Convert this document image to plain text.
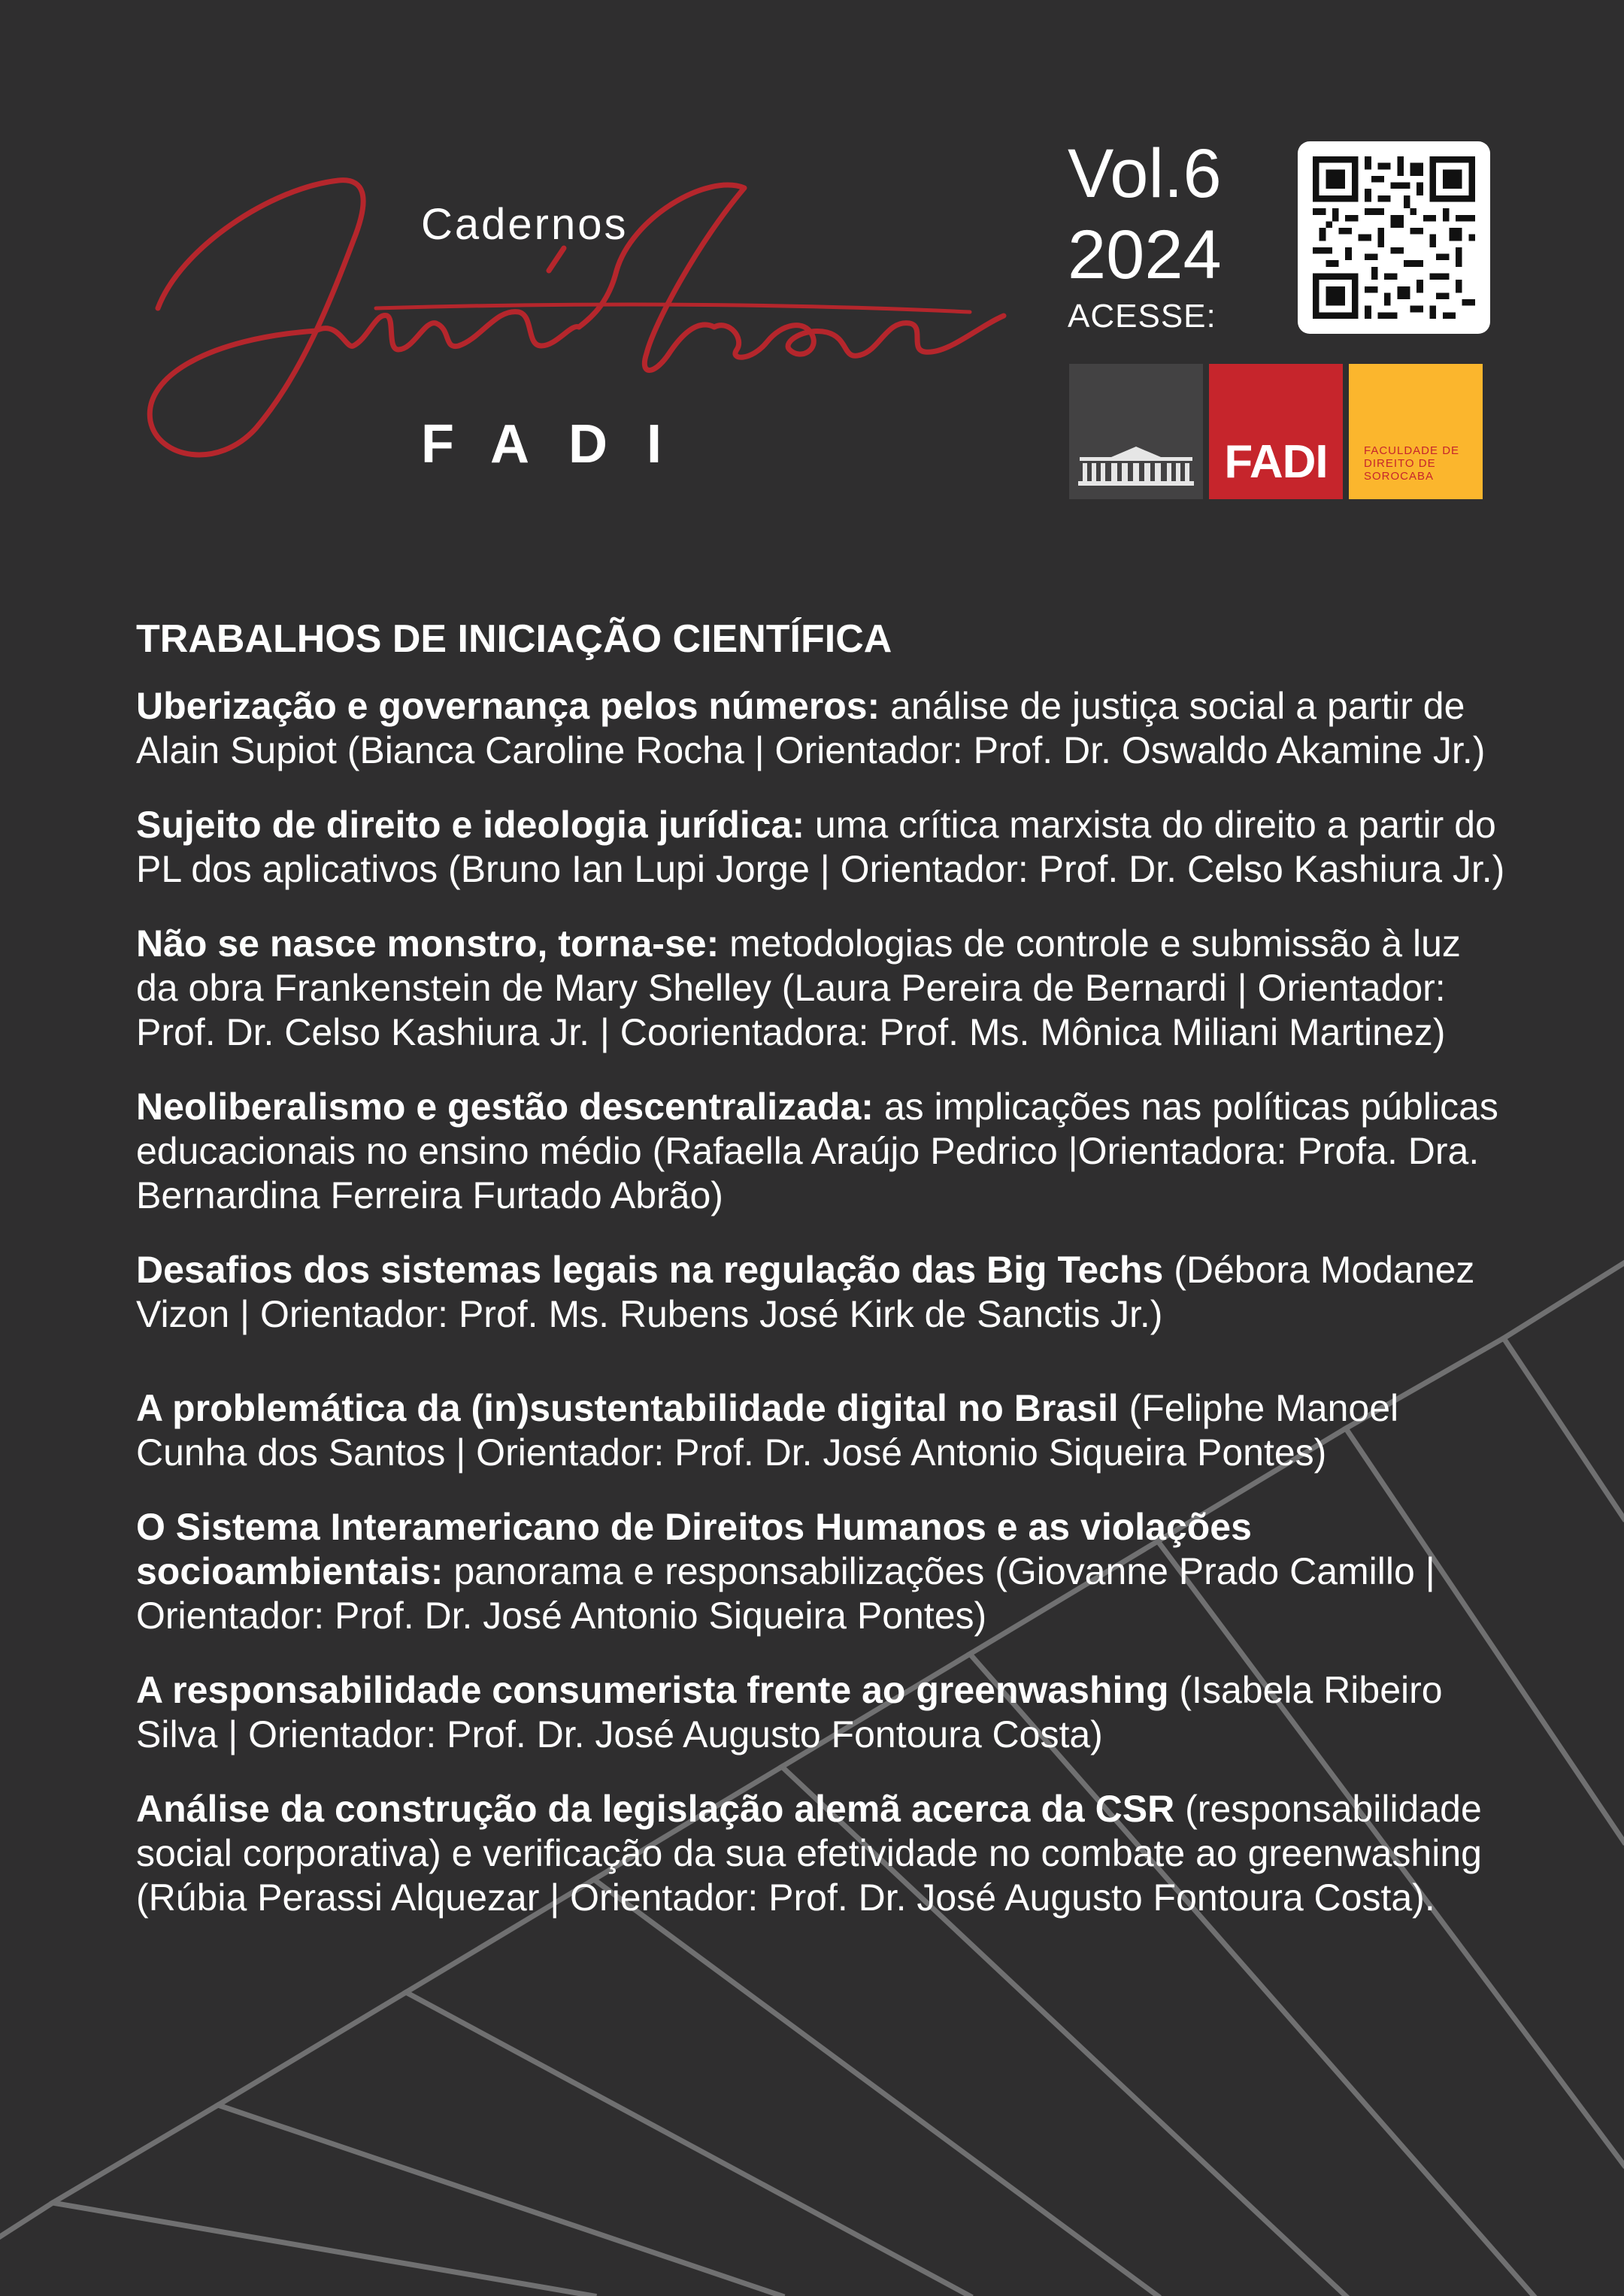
Cadernos
FADI
Vol.6
2024
ACESSE:
FADI	FACULDADE DE DIREITO DE SOROCABA
TRABALHOS DE INICIAÇÃO CIENTÍFICA

Uberização e governança pelos números: análise de justiça social a partir de Alain Supiot (Bianca Caroline Rocha | Orientador: Prof. Dr. Oswaldo Akamine Jr.)

Sujeito de direito e ideologia jurídica: uma crítica marxista do direito a partir do PL dos aplicativos (Bruno Ian Lupi Jorge | Orientador: Prof. Dr. Celso Kashiura Jr.)

Não se nasce monstro, torna-se: metodologias de controle e submissão à luz da obra Frankenstein de Mary Shelley (Laura Pereira de Bernardi | Orientador: Prof. Dr. Celso Kashiura Jr. | Coorientadora: Prof. Ms. Mônica Miliani Martinez)

Neoliberalismo e gestão descentralizada: as implicações nas políticas públicas educacionais no ensino médio (Rafaella Araújo Pedrico |Orientadora: Profa. Dra. Bernardina Ferreira Furtado Abrão)

Desafios dos sistemas legais na regulação das Big Techs (Débora Modanez Vizon | Orientador: Prof. Ms. Rubens José Kirk de Sanctis Jr.)

A problemática da (in)sustentabilidade digital no Brasil (Feliphe Manoel Cunha dos Santos | Orientador: Prof. Dr. José Antonio Siqueira Pontes)

O Sistema Interamericano de Direitos Humanos e as violações socioambientais: panorama e responsabilizações (Giovanne Prado Camillo | Orientador: Prof. Dr. José Antonio Siqueira Pontes)

A responsabilidade consumerista frente ao greenwashing (Isabela Ribeiro Silva | Orientador: Prof. Dr. José Augusto Fontoura Costa)

Análise da construção da legislação alemã acerca da CSR (responsabilidade social corporativa) e verificação da sua efetividade no combate ao greenwashing (Rúbia Perassi Alquezar | Orientador: Prof. Dr. José Augusto Fontoura Costa).
